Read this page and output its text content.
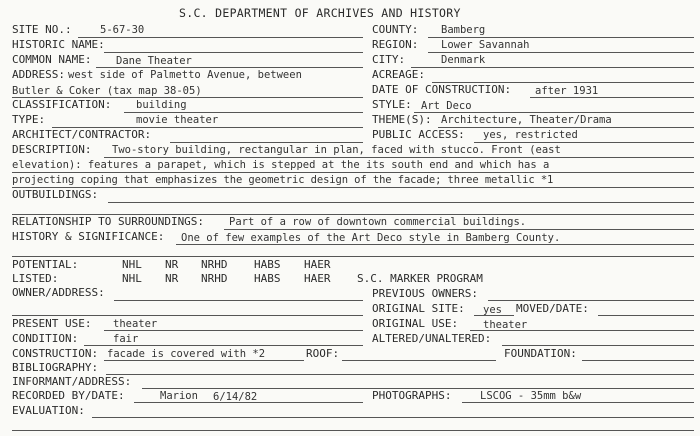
S.C. DEPARTMENT OF ARCHIVES AND HISTORY
SITE NO.:	5-67-30	COUNTY: Bamberg
HISTORIC NAME:	REGION: Lower Savannah
COMMON NAME: Dane Theater	CITY:	Denmark
ADDRESS: west side of Palmetto Avenue, between	ACREAGE:
Butler & Coker (tax map 38-05)	DATE OF CONSTRUCTION: after 1931
CLASSIFICATION: building	STYLE: Art Deco
TYPE:	movie theater	THEME(S): Architecture, Theater/Drama
ARCHITECT/CONTRACTOR:	PUBLIC ACCESS: yes, restricted
DESCRIPTION: Two-story building, rectangular in plan, faced with stucco. Front (east
elevation): features a parapet, which is stepped at the its south end and which has a
projecting coping that emphasizes the geometric design of the facade; three metallic *1
OUTBUILDINGS:
RELATIONSHIP TO SURROUNDINGS: Part of a row of downtown commercial buildings.
HISTORY & SIGNIFICANCE: One of few examples of the Art Deco style in Bamberg County.
POTENTIAL:	NHL NR NRHD HABS HAER
LISTED:	NHL NR NRHD HABS HAER S.C. MARKER PROGRAM
OWNER/ADDRESS:	PREVIOUS OWNERS:
ORIGINAL SITE: yes MOVED/DATE:
PRESENT USE: theater	ORIGINAL USE: theater
CONDITION:	fair	ALTERED/UNALTERED:
CONSTRUCTION: facade is covered with *2	ROOF:	FOUNDATION:
BIBLIOGRAPHY:
INFORMANT/ADDRESS:
RECORDED BY/DATE:	Marion 6/14/82	PHOTOGRAPHS:	LSCOG - 35mm b&w
EVALUATION:
